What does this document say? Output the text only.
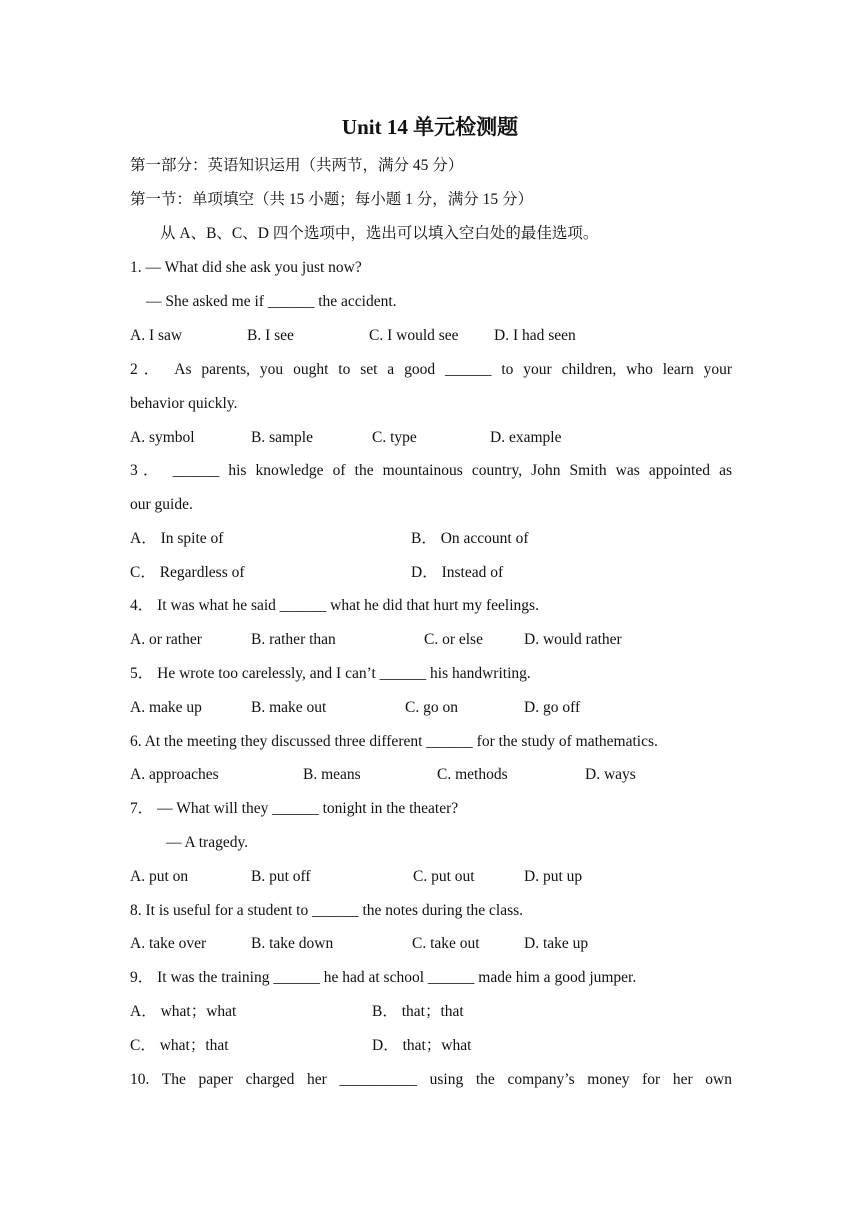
Unit 14 单元检测题
第一部分：英语知识运用（共两节，满分 45 分）
第一节：单项填空（共 15 小题；每小题 1 分，满分 15 分）
从 A、B、C、D 四个选项中，选出可以填入空白处的最佳选项。
1. — What did she ask you just now?
— She asked me if ______ the accident.
A. I saw	B. I see	C. I would see D. I had seen
2． As parents, you ought to set a good ______ to your children, who learn your
behavior quickly.
A. symbol	B. sample	C. type	D. example
3． ______ his knowledge of the mountainous country, John Smith was appointed as
our guide.
A． In spite of	B． On account of
C． Regardless of	D． Instead of
4． It was what he said ______ what he did that hurt my feelings.
A. or rather	B. rather than	C. or else	D. would rather
5． He wrote too carelessly, and I can’t ______ his handwriting.
A. make up	B. make out	C. go on	D. go off
6. At the meeting they discussed three different ______ for the study of mathematics.
A. approaches	B. means	C. methods	D. ways
7． — What will they ______ tonight in the theater?
— A tragedy.
A. put on	B. put off	C. put out	D. put up
8. It is useful for a student to ______ the notes during the class.
A. take over	B. take down	C. take out	D. take up
9． It was the training ______ he had at school ______ made him a good jumper.
A． what；what	B． that；that
C． what；that	D． that；what
10. The paper charged her __________ using the company’s money for her own
